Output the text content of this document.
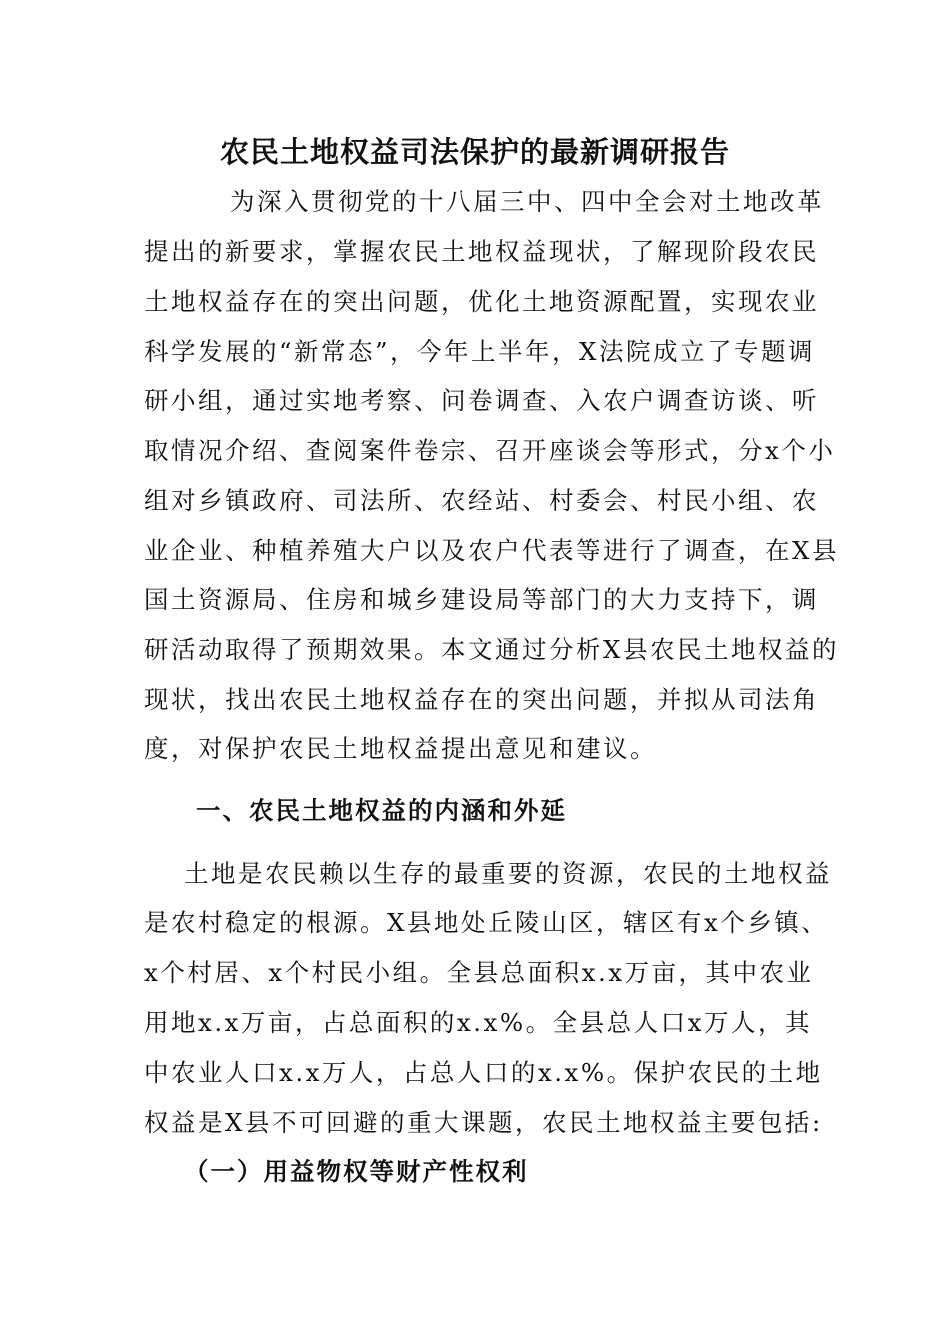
农民土地权益司法保护的最新调研报告
为深入贯彻党的十八届三中、四中全会对土地改革
提出的新要求，掌握农民土地权益现状，了解现阶段农民
土地权益存在的突出问题，优化土地资源配置，实现农业
科学发展的“新常态”，今年上半年，X法院成立了专题调
研小组，通过实地考察、问卷调查、入农户调查访谈、听
取情况介绍、查阅案件卷宗、召开座谈会等形式，分x个小
组对乡镇政府、司法所、农经站、村委会、村民小组、农
业企业、种植养殖大户以及农户代表等进行了调查，在X县
国土资源局、住房和城乡建设局等部门的大力支持下，调
研活动取得了预期效果。本文通过分析X县农民土地权益的
现状，找出农民土地权益存在的突出问题，并拟从司法角
度，对保护农民土地权益提出意见和建议。
一、农民土地权益的内涵和外延
土地是农民赖以生存的最重要的资源，农民的土地权益
是农村稳定的根源。X县地处丘陵山区，辖区有x个乡镇、
x个村居、x个村民小组。全县总面积x.x万亩，其中农业
用地x.x万亩，占总面积的x.x%。全县总人口x万人，其
中农业人口x.x万人，占总人口的x.x%。保护农民的土地
权益是X县不可回避的重大课题，农民土地权益主要包括:
（一）用益物权等财产性权利
